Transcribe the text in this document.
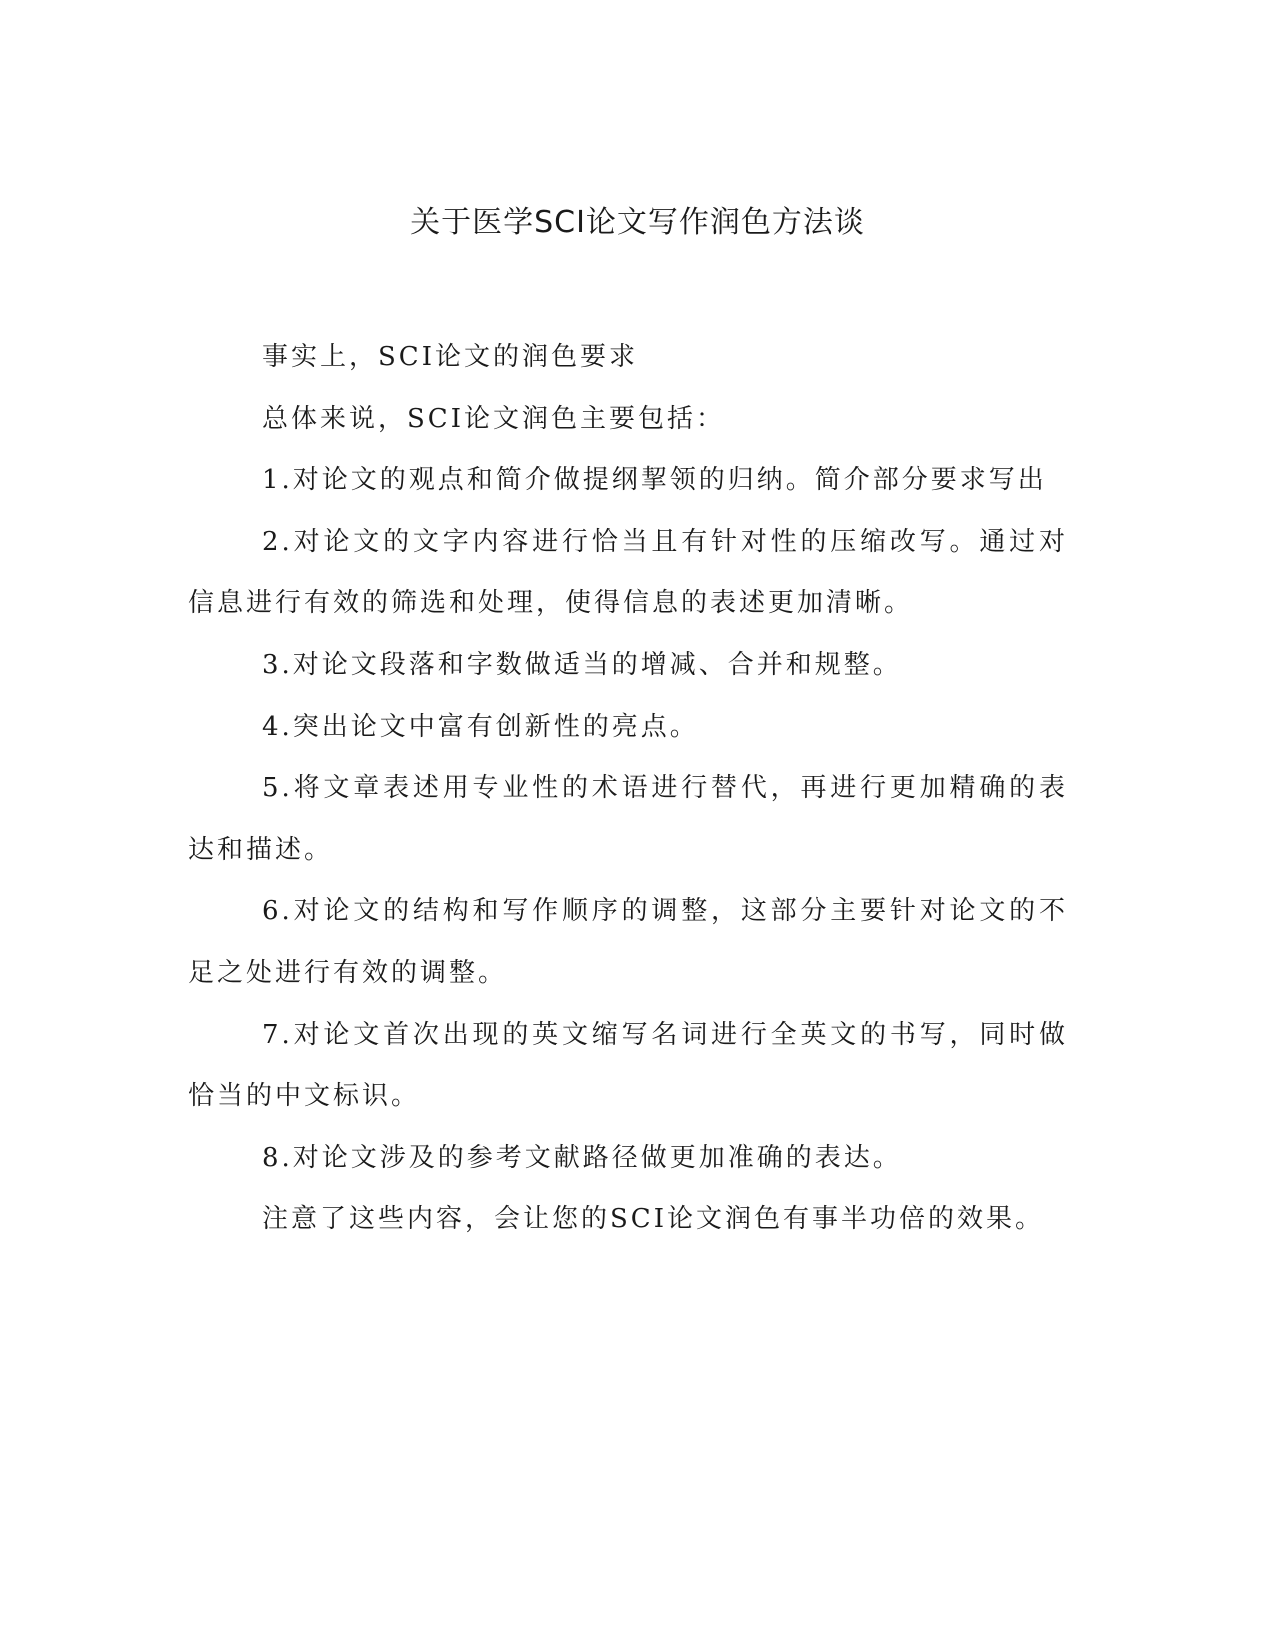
关于医学SCI论文写作润色方法谈

事实上，SCI论文的润色要求

总体来说，SCI论文润色主要包括：

1.对论文的观点和简介做提纲挈领的归纳。简介部分要求写出

2.对论文的文字内容进行恰当且有针对性的压缩改写。通过对信息进行有效的筛选和处理，使得信息的表述更加清晰。

3.对论文段落和字数做适当的增减、合并和规整。

4.突出论文中富有创新性的亮点。

5.将文章表述用专业性的术语进行替代，再进行更加精确的表达和描述。

6.对论文的结构和写作顺序的调整，这部分主要针对论文的不足之处进行有效的调整。

7.对论文首次出现的英文缩写名词进行全英文的书写，同时做恰当的中文标识。

8.对论文涉及的参考文献路径做更加准确的表达。

注意了这些内容，会让您的SCI论文润色有事半功倍的效果。
